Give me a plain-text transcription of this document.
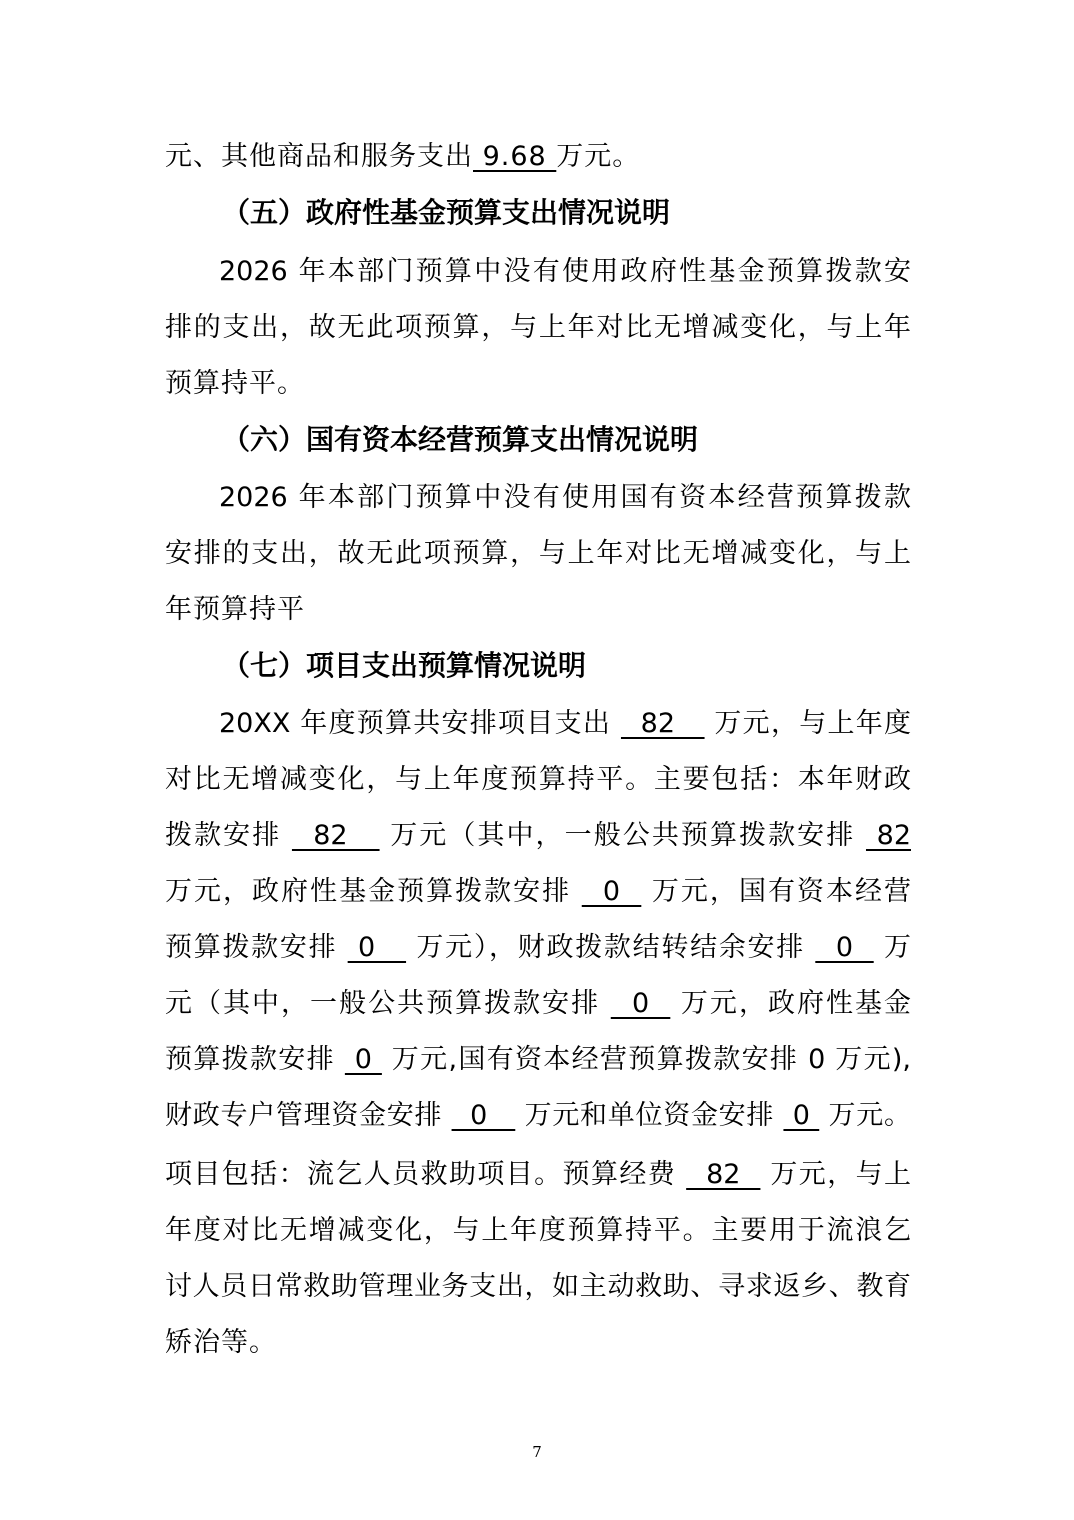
元、其他商品和服务支出 9.68 万元。
（五）政府性基金预算支出情况说明
2026 年本部门预算中没有使用政府性基金预算拨款安
排的支出，故无此项预算，与上年对比无增减变化，与上年
预算持平。
（六）国有资本经营预算支出情况说明
2026 年本部门预算中没有使用国有资本经营预算拨款
安排的支出，故无此项预算，与上年对比无增减变化，与上
年预算持平
（七）项目支出预算情况说明
20XX 年度预算共安排项目支出   82    万元，与上年度
对比无增减变化，与上年度预算持平。主要包括：本年财政
拨款安排   82    万元（其中，一般公共预算拨款安排  82
万元，政府性基金预算拨款安排   0   万元，国有资本经营
预算拨款安排  0    万元），财政拨款结转结余安排   0   万
元（其中，一般公共预算拨款安排   0   万元，政府性基金
预算拨款安排  0  万元,国有资本经营预算拨款安排 0 万元),
财政专户管理资金安排   0    万元和单位资金安排  0  万元。
项目包括：流乞人员救助项目。预算经费   82   万元，与上
年度对比无增减变化，与上年度预算持平。主要用于流浪乞
讨人员日常救助管理业务支出，如主动救助、寻求返乡、教育
矫治等。
7
